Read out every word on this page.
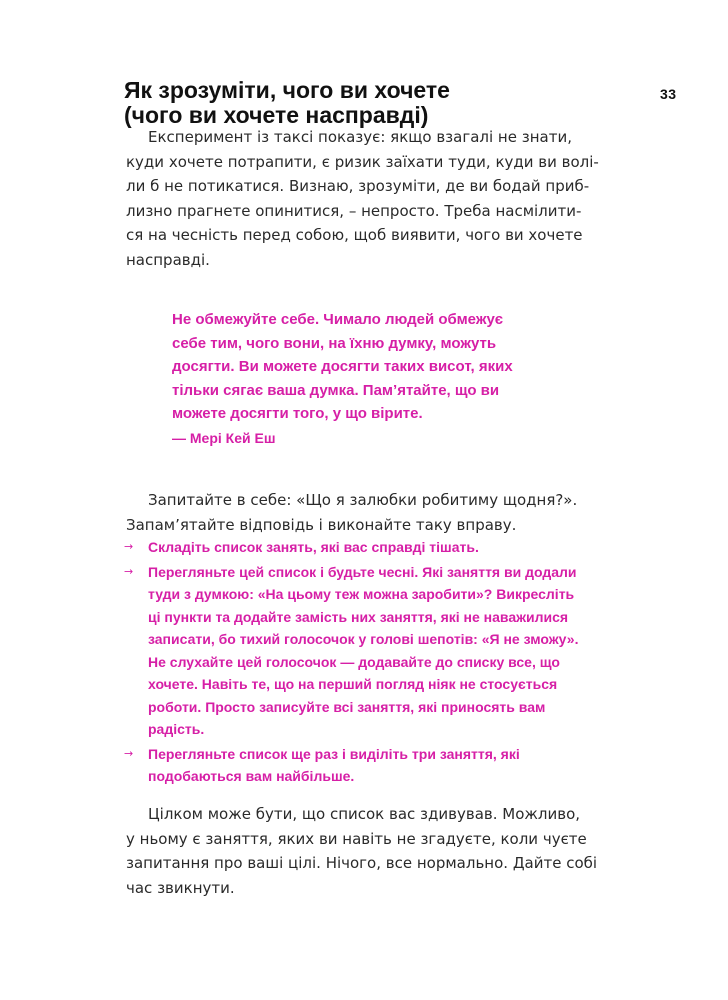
33
Як зрозуміти, чого ви хочете
(чого ви хочете насправді)

Експеримент із таксі показує: якщо взагалі не знати,
куди хочете потрапити, є ризик заїхати туди, куди ви волі-
ли б не потикатися. Визнаю, зрозуміти, де ви бодай приб-
лизно прагнете опинитися, – непросто. Треба насмілити-
ся на чесність перед собою, щоб виявити, чого ви хочете
насправді.

Не обмежуйте себе. Чимало людей обмежує
себе тим, чого вони, на їхню думку, можуть
досягти. Ви можете досягти таких висот, яких
тільки сягає ваша думка. Пам’ятайте, що ви
можете досягти того, у що вірите.
— Мері Кей Еш

Запитайте в себе: «Що я залюбки робитиму щодня?».
Запам’ятайте відповідь і виконайте таку вправу.

→ Складіть список занять, які вас справді тішать.
→ Перегляньте цей список і будьте чесні. Які заняття ви додали
туди з думкою: «На цьому теж можна заробити»? Викресліть
ці пункти та додайте замість них заняття, які не наважилися
записати, бо тихий голосочок у голові шепотів: «Я не зможу».
Не слухайте цей голосочок — додавайте до списку все, що
хочете. Навіть те, що на перший погляд ніяк не стосується
роботи. Просто записуйте всі заняття, які приносять вам
радість.
→ Перегляньте список ще раз і виділіть три заняття, які
подобаються вам найбільше.

Цілком може бути, що список вас здивував. Можливо,
у ньому є заняття, яких ви навіть не згадуєте, коли чуєте
запитання про ваші цілі. Нічого, все нормально. Дайте собі
час звикнути.
